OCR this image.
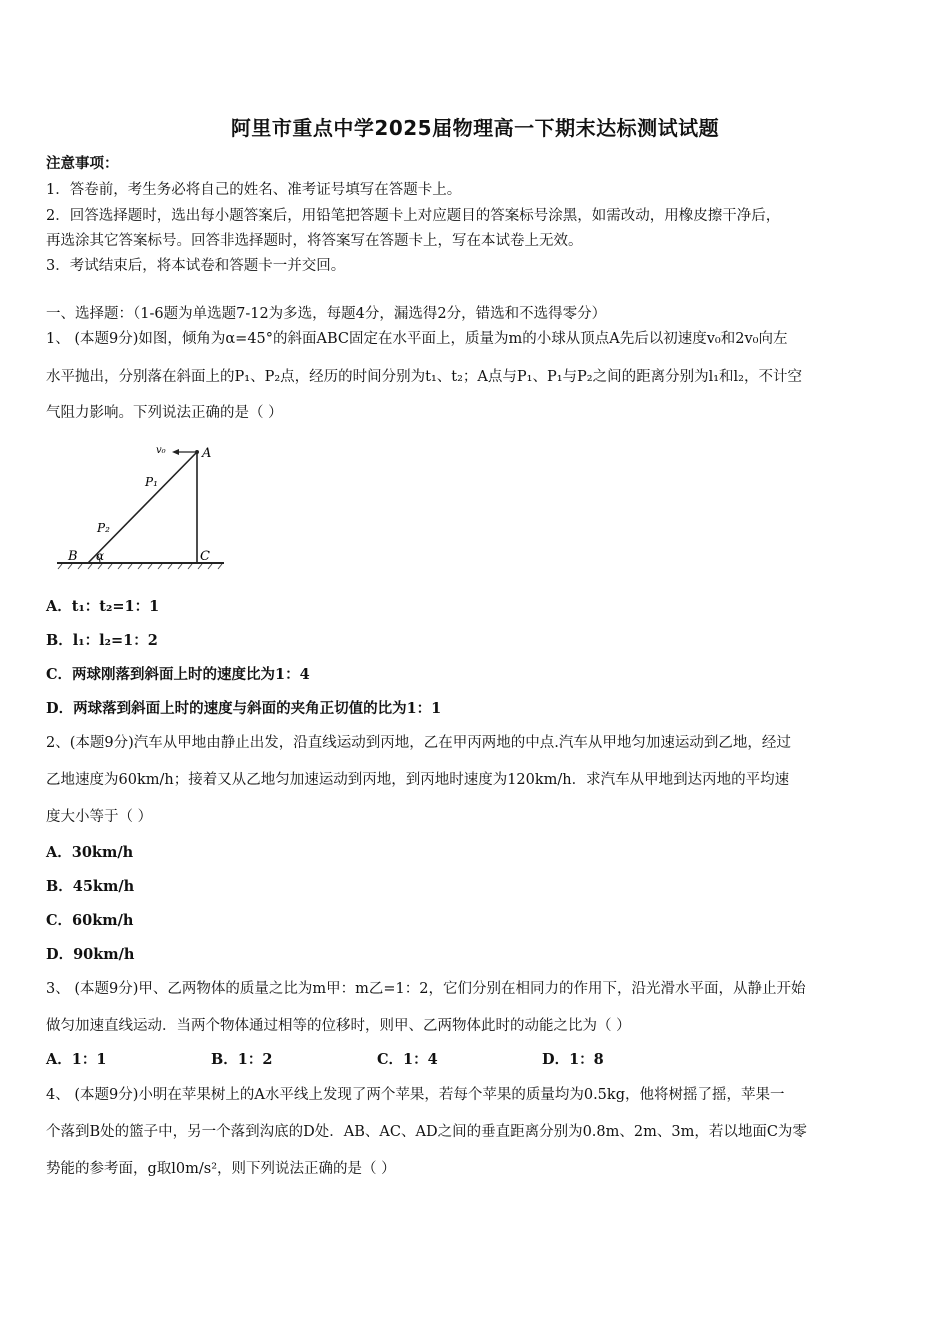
阿里市重点中学2025届物理高一下期末达标测试试题
注意事项：
1．答卷前，考生务必将自己的姓名、准考证号填写在答题卡上。
2．回答选择题时，选出每小题答案后，用铅笔把答题卡上对应题目的答案标号涂黑，如需改动，用橡皮擦干净后，
再选涂其它答案标号。回答非选择题时，将答案写在答题卡上，写在本试卷上无效。
3．考试结束后，将本试卷和答题卡一并交回。
一、选择题：（1-6题为单选题7-12为多选，每题4分，漏选得2分，错选和不选得零分）
1、 (本题9分)如图，倾角为α=45°的斜面ABC固定在水平面上，质量为m的小球从顶点A先后以初速度v₀和2v₀向左
水平抛出，分别落在斜面上的P₁、P₂点，经历的时间分别为t₁、t₂；A点与P₁、P₁与P₂之间的距离分别为l₁和l₂，不计空
气阻力影响。下列说法正确的是（ ）
v₀	A
P₁
P₂
B α	C
A．t₁：t₂=1：1
B．l₁：l₂=1：2
C．两球刚落到斜面上时的速度比为1：4
D．两球落到斜面上时的速度与斜面的夹角正切值的比为1：1
2、(本题9分)汽车从甲地由静止出发，沿直线运动到丙地，乙在甲丙两地的中点.汽车从甲地匀加速运动到乙地，经过
乙地速度为60km/h；接着又从乙地匀加速运动到丙地，到丙地时速度为120km/h．求汽车从甲地到达丙地的平均速
度大小等于（ ）
A．30km/h
B．45km/h
C．60km/h
D．90km/h
3、 (本题9分)甲、乙两物体的质量之比为m甲：m乙=1：2，它们分别在相同力的作用下，沿光滑水平面，从静止开始
做匀加速直线运动．当两个物体通过相等的位移时，则甲、乙两物体此时的动能之比为（ ）
A．1：1	B．1：2	C．1：4	D．1：8
4、 (本题9分)小明在苹果树上的A水平线上发现了两个苹果，若每个苹果的质量均为0.5kg，他将树摇了摇，苹果一
个落到B处的篮子中，另一个落到沟底的D处．AB、AC、AD之间的垂直距离分别为0.8m、2m、3m，若以地面C为零
势能的参考面，g取l0m/s²，则下列说法正确的是（ ）
